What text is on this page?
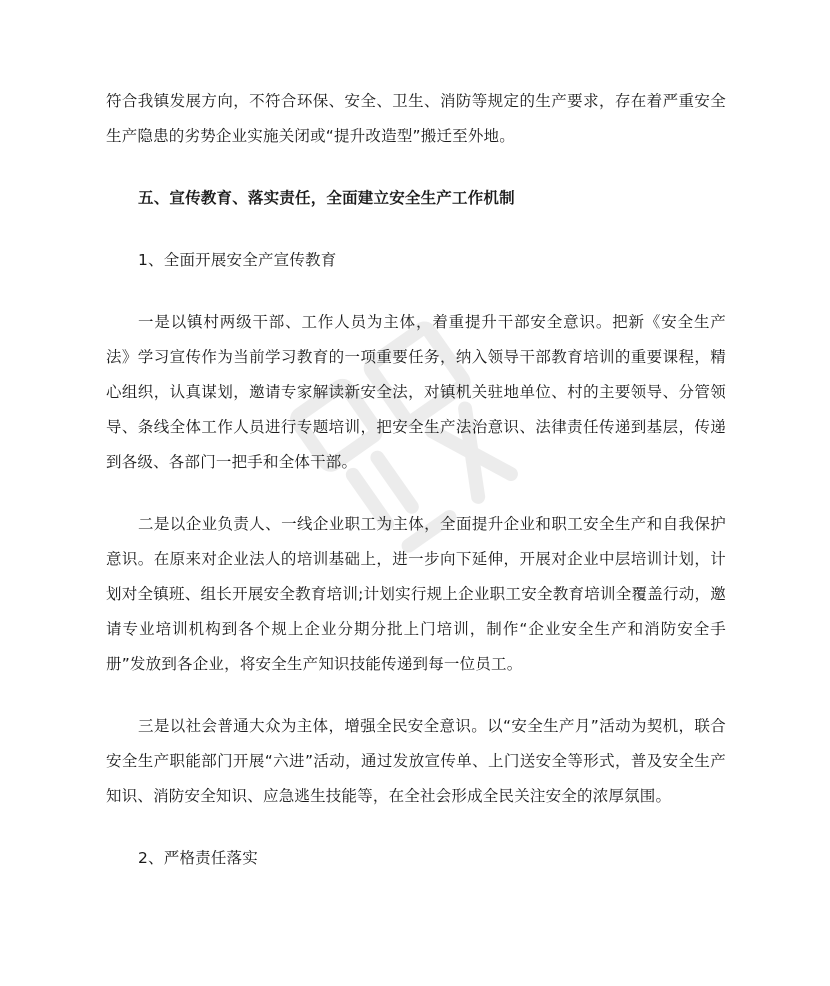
符合我镇发展方向，不符合环保、安全、卫生、消防等规定的生产要求，存在着严重安全生产隐患的劣势企业实施关闭或“提升改造型”搬迁至外地。

五、宣传教育、落实责任，全面建立安全生产工作机制

1、全面开展安全产宣传教育

一是以镇村两级干部、工作人员为主体，着重提升干部安全意识。把新《安全生产法》学习宣传作为当前学习教育的一项重要任务，纳入领导干部教育培训的重要课程，精心组织，认真谋划，邀请专家解读新安全法，对镇机关驻地单位、村的主要领导、分管领导、条线全体工作人员进行专题培训，把安全生产法治意识、法律责任传递到基层，传递到各级、各部门一把手和全体干部。

二是以企业负责人、一线企业职工为主体，全面提升企业和职工安全生产和自我保护意识。在原来对企业法人的培训基础上，进一步向下延伸，开展对企业中层培训计划，计划对全镇班、组长开展安全教育培训;计划实行规上企业职工安全教育培训全覆盖行动，邀请专业培训机构到各个规上企业分期分批上门培训，制作“企业安全生产和消防安全手册”发放到各企业，将安全生产知识技能传递到每一位员工。

三是以社会普通大众为主体，增强全民安全意识。以“安全生产月”活动为契机，联合安全生产职能部门开展“六进”活动，通过发放宣传单、上门送安全等形式，普及安全生产知识、消防安全知识、应急逃生技能等，在全社会形成全民关注安全的浓厚氛围。

2、严格责任落实
